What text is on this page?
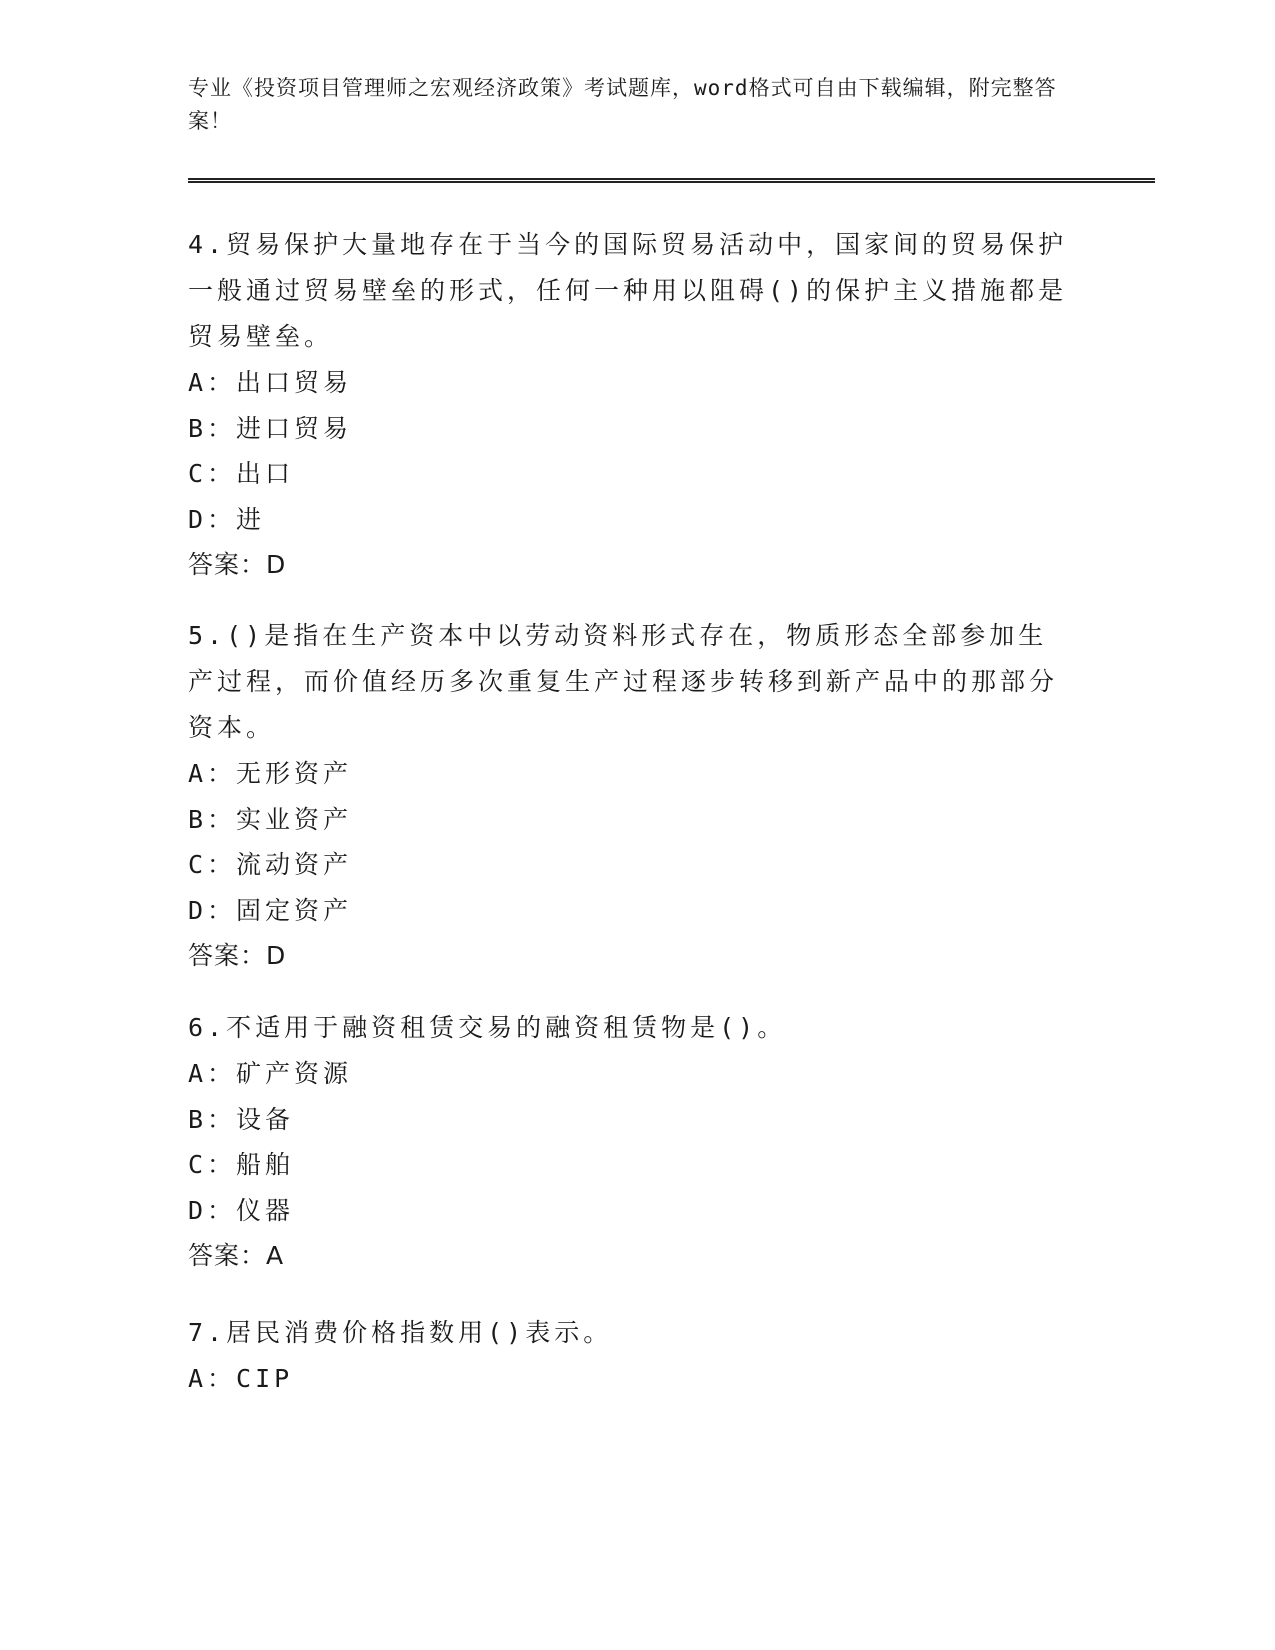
专业《投资项目管理师之宏观经济政策》考试题库，word格式可自由下载编辑，附完整答案！

4.贸易保护大量地存在于当今的国际贸易活动中，国家间的贸易保护一般通过贸易壁垒的形式，任何一种用以阻碍()的保护主义措施都是贸易壁垒。

A：出口贸易

B：进口贸易

C：出口

D：进

答案：D

5.()是指在生产资本中以劳动资料形式存在，物质形态全部参加生产过程，而价值经历多次重复生产过程逐步转移到新产品中的那部分资本。

A：无形资产

B：实业资产

C：流动资产

D：固定资产

答案：D

6.不适用于融资租赁交易的融资租赁物是()。

A：矿产资源

B：设备

C：船舶

D：仪器

答案：A

7.居民消费价格指数用()表示。

A：CIP
